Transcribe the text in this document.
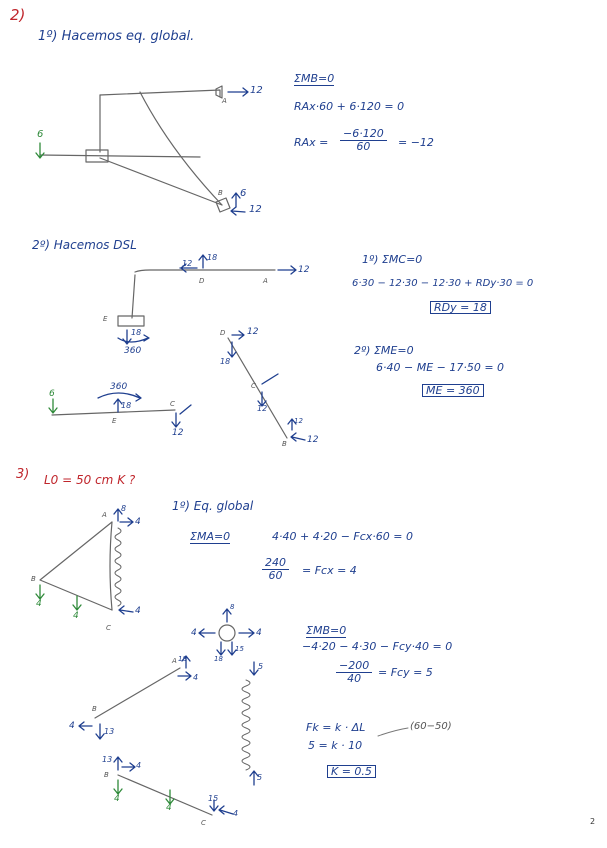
2)
1º) Hacemos eq. global.
12
A
6
B 6
12
ΣMB=0
RAx·60 + 6·120 = 0
RAx = $\frac{-6\cdot 120}{60} = -12$
2º) Hacemos DSL
12
18
D	A
12
E
18
360
D 12
18
C
12
12
B 12
6
360
18
E
C
12
1º) ΣMC=0
6·30 − 12·30 − 12·30 + RDy·30 = 0
RDy = 18
2º) ΣME=0
6·40 − ME − 17·50 = 0
ME = 360
3) L0 = 50 cm K ?
1º) Eq. global
A
8
4
B
C
4
4
4
4	4
8
18
15
5
5
A 18
4
B
4
13
13
4
B
4
4
15
4
C
ΣMA=0	4·40 + 4·20 − Fcx·60 = 0
$\frac{240}{60}$ = Fcx = 4
ΣMB=0
−4·20 − 4·30 − Fcy·40 = 0
$\frac{-200}{40}$ = Fcy = 5
Fk = k · ΔL
5 = k · 10
(60−50)
K = 0.5
2
